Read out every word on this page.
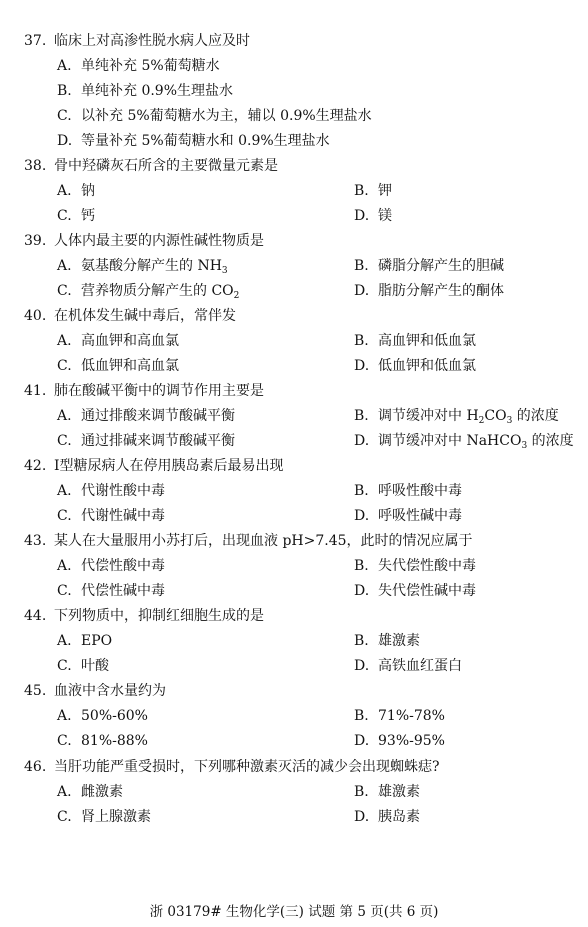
37. 临床上对高渗性脱水病人应及时
A. 单纯补充 5%葡萄糖水
B. 单纯补充 0.9%生理盐水
C. 以补充 5%葡萄糖水为主，辅以 0.9%生理盐水
D. 等量补充 5%葡萄糖水和 0.9%生理盐水
38. 骨中羟磷灰石所含的主要微量元素是
A. 钠	B. 钾
C. 钙	D. 镁
39. 人体内最主要的内源性碱性物质是
A. 氨基酸分解产生的 $NH_3$	B. 磷脂分解产生的胆碱
C. 营养物质分解产生的 $CO_2$	D. 脂肪分解产生的酮体
40. 在机体发生碱中毒后，常伴发
A. 高血钾和高血氯	B. 高血钾和低血氯
C. 低血钾和高血氯	D. 低血钾和低血氯
41. 肺在酸碱平衡中的调节作用主要是
A. 通过排酸来调节酸碱平衡	B. 调节缓冲对中 $H_2CO_3$ 的浓度
C. 通过排碱来调节酸碱平衡	D. 调节缓冲对中 NaHCO$_3$ 的浓度
42. Ⅰ型糖尿病人在停用胰岛素后最易出现
A. 代谢性酸中毒	B. 呼吸性酸中毒
C. 代谢性碱中毒	D. 呼吸性碱中毒
43. 某人在大量服用小苏打后，出现血液 pH>7.45，此时的情况应属于
A. 代偿性酸中毒	B. 失代偿性酸中毒
C. 代偿性碱中毒	D. 失代偿性碱中毒
44. 下列物质中，抑制红细胞生成的是
A. EPO	B. 雄激素
C. 叶酸	D. 高铁血红蛋白
45. 血液中含水量约为
A. 50%-60%	B. 71%-78%
C. 81%-88%	D. 93%-95%
46. 当肝功能严重受损时，下列哪种激素灭活的减少会出现蜘蛛痣?
A. 雌激素	B. 雄激素
C. 肾上腺激素	D. 胰岛素
浙 03179# 生物化学(三) 试题 第 5 页(共 6 页)
